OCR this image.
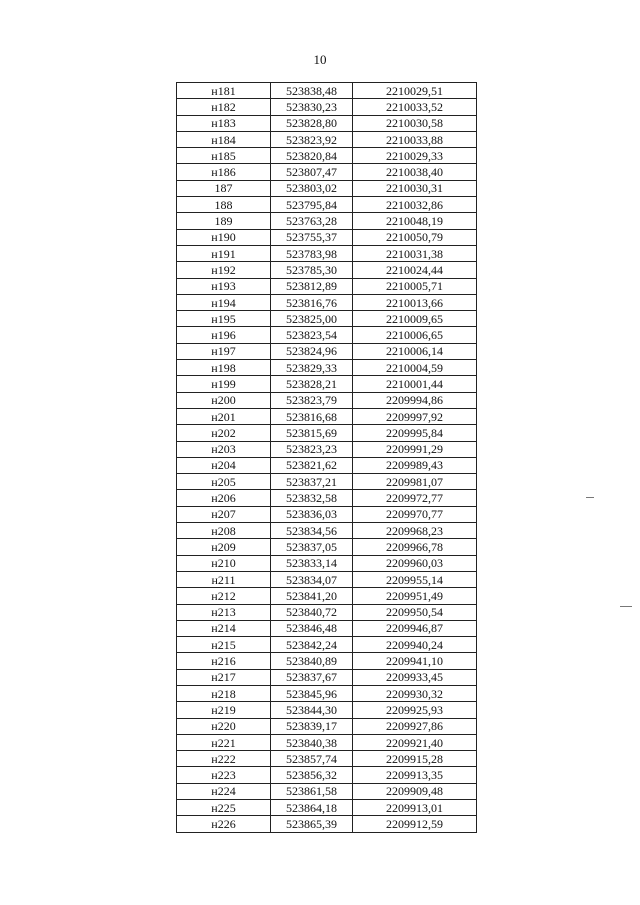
10
н181	523838,48	2210029,51
н182	523830,23	2210033,52
н183	523828,80	2210030,58
н184	523823,92	2210033,88
н185	523820,84	2210029,33
н186	523807,47	2210038,40
187	523803,02	2210030,31
188	523795,84	2210032,86
189	523763,28	2210048,19
н190	523755,37	2210050,79
н191	523783,98	2210031,38
н192	523785,30	2210024,44
н193	523812,89	2210005,71
н194	523816,76	2210013,66
н195	523825,00	2210009,65
н196	523823,54	2210006,65
н197	523824,96	2210006,14
н198	523829,33	2210004,59
н199	523828,21	2210001,44
н200	523823,79	2209994,86
н201	523816,68	2209997,92
н202	523815,69	2209995,84
н203	523823,23	2209991,29
н204	523821,62	2209989,43
н205	523837,21	2209981,07
н206	523832,58	2209972,77
н207	523836,03	2209970,77
н208	523834,56	2209968,23
н209	523837,05	2209966,78
н210	523833,14	2209960,03
н211	523834,07	2209955,14
н212	523841,20	2209951,49
н213	523840,72	2209950,54
н214	523846,48	2209946,87
н215	523842,24	2209940,24
н216	523840,89	2209941,10
н217	523837,67	2209933,45
н218	523845,96	2209930,32
н219	523844,30	2209925,93
н220	523839,17	2209927,86
н221	523840,38	2209921,40
н222	523857,74	2209915,28
н223	523856,32	2209913,35
н224	523861,58	2209909,48
н225	523864,18	2209913,01
н226	523865,39	2209912,59
